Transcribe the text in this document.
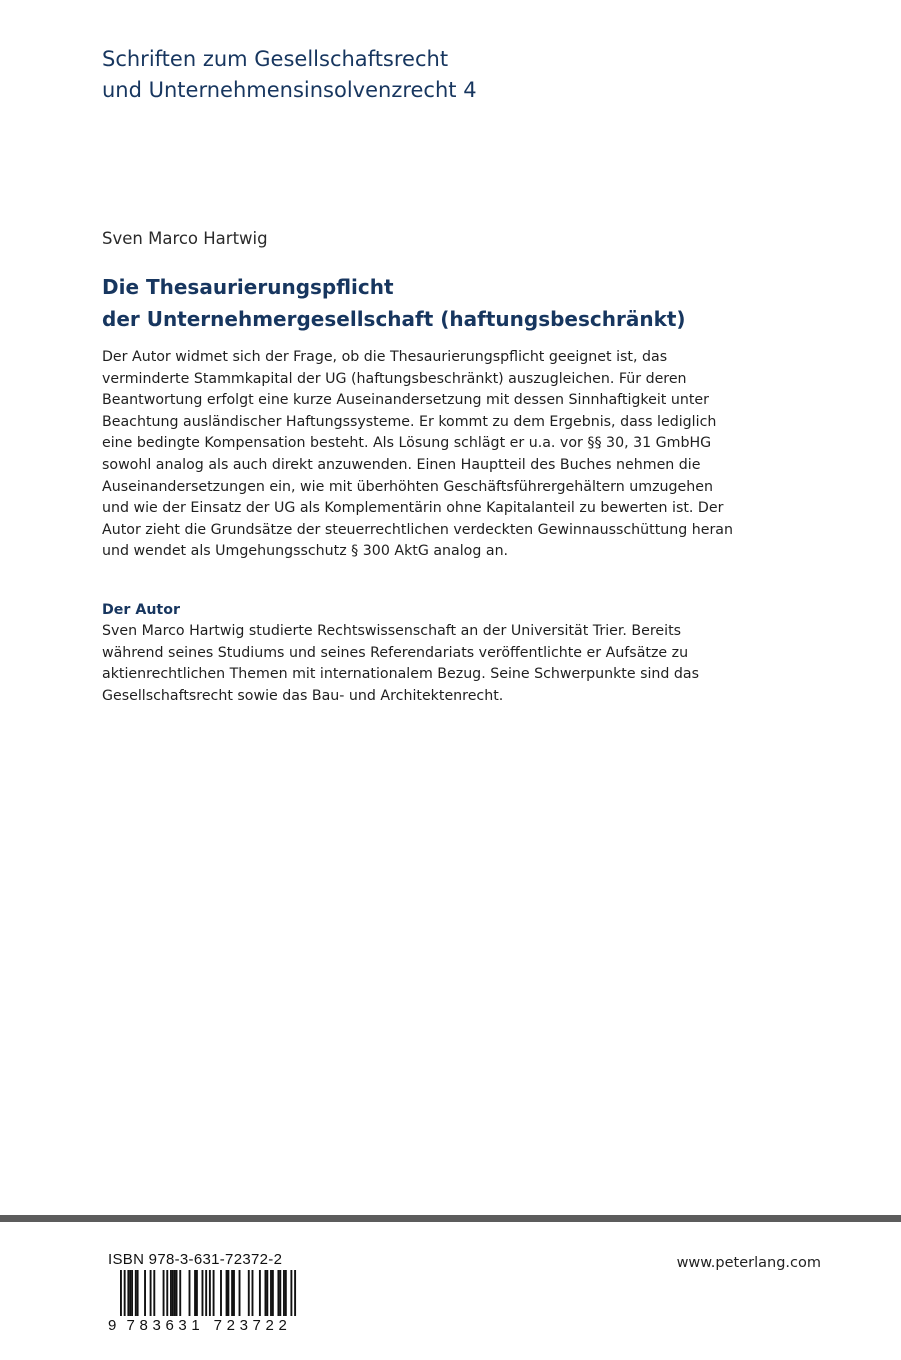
Schriften zum Gesellschaftsrecht
und Unternehmensinsolvenzrecht 4
Sven Marco Hartwig
Die Thesaurierungspflicht
der Unternehmergesellschaft (haftungsbeschränkt)
Der Autor widmet sich der Frage, ob die Thesaurierungspflicht geeignet ist, das
verminderte Stammkapital der UG (haftungsbeschränkt) auszugleichen. Für deren
Beantwortung erfolgt eine kurze Auseinandersetzung mit dessen Sinnhaftigkeit unter
Beachtung ausländischer Haftungssysteme. Er kommt zu dem Ergebnis, dass lediglich
eine bedingte Kompensation besteht. Als Lösung schlägt er u.a. vor §§ 30, 31 GmbHG
sowohl analog als auch direkt anzuwenden. Einen Hauptteil des Buches nehmen die
Auseinandersetzungen ein, wie mit überhöhten Geschäftsführergehältern umzugehen
und wie der Einsatz der UG als Komplementärin ohne Kapitalanteil zu bewerten ist. Der
Autor zieht die Grundsätze der steuerrechtlichen verdeckten Gewinnausschüttung heran
und wendet als Umgehungsschutz § 300 AktG analog an.
Der Autor
Sven Marco Hartwig studierte Rechtswissenschaft an der Universität Trier. Bereits
während seines Studiums und seines Referendariats veröffentlichte er Aufsätze zu
aktienrechtlichen Themen mit internationalem Bezug. Seine Schwerpunkte sind das
Gesellschaftsrecht sowie das Bau- und Architektenrecht.
ISBN 978-3-631-72372-2
9 7 8 3 6 3 1 7 2 3 7 2 2
www.peterlang.com
